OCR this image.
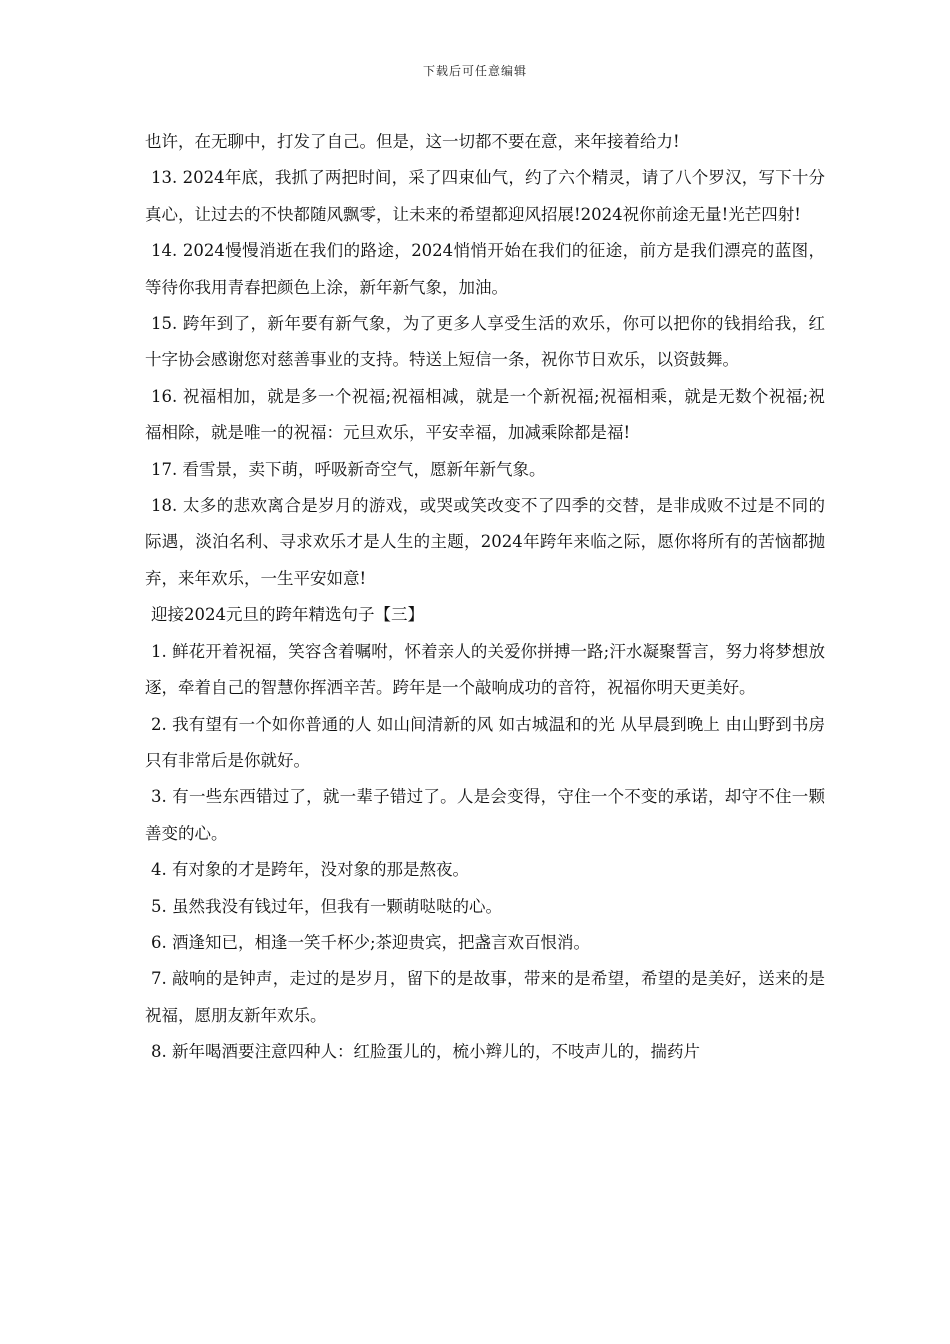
下载后可任意编辑

也许，在无聊中，打发了自己。但是，这一切都不要在意，来年接着给力!

13. 2024年底，我抓了两把时间，采了四束仙气，约了六个精灵，请了八个罗汉，写下十分真心，让过去的不快都随风飘零，让未来的希望都迎风招展!2024祝你前途无量!光芒四射!

14. 2024慢慢消逝在我们的路途，2024悄悄开始在我们的征途，前方是我们漂亮的蓝图，等待你我用青春把颜色上涂，新年新气象，加油。

15. 跨年到了，新年要有新气象，为了更多人享受生活的欢乐，你可以把你的钱捐给我，红十字协会感谢您对慈善事业的支持。特送上短信一条，祝你节日欢乐，以资鼓舞。

16. 祝福相加，就是多一个祝福;祝福相减，就是一个新祝福;祝福相乘，就是无数个祝福;祝福相除，就是唯一的祝福：元旦欢乐，平安幸福，加减乘除都是福!

17. 看雪景，卖下萌，呼吸新奇空气，愿新年新气象。

18. 太多的悲欢离合是岁月的游戏，或哭或笑改变不了四季的交替，是非成败不过是不同的际遇，淡泊名利、寻求欢乐才是人生的主题，2024年跨年来临之际，愿你将所有的苦恼都抛弃，来年欢乐，一生平安如意!

迎接2024元旦的跨年精选句子【三】

1. 鲜花开着祝福，笑容含着嘱咐，怀着亲人的关爱你拼搏一路;汗水凝聚誓言，努力将梦想放逐，牵着自己的智慧你挥洒辛苦。跨年是一个敲响成功的音符，祝福你明天更美好。

2. 我有望有一个如你普通的人 如山间清新的风 如古城温和的光 从早晨到晚上 由山野到书房 只有非常后是你就好。

3. 有一些东西错过了，就一辈子错过了。人是会变得，守住一个不变的承诺，却守不住一颗善变的心。

4. 有对象的才是跨年，没对象的那是熬夜。

5. 虽然我没有钱过年，但我有一颗萌哒哒的心。

6. 酒逢知已，相逢一笑千杯少;茶迎贵宾，把盏言欢百恨消。

7. 敲响的是钟声，走过的是岁月，留下的是故事，带来的是希望，希望的是美好，送来的是祝福，愿朋友新年欢乐。

8. 新年喝酒要注意四种人：红脸蛋儿的，梳小辫儿的，不吱声儿的，揣药片
